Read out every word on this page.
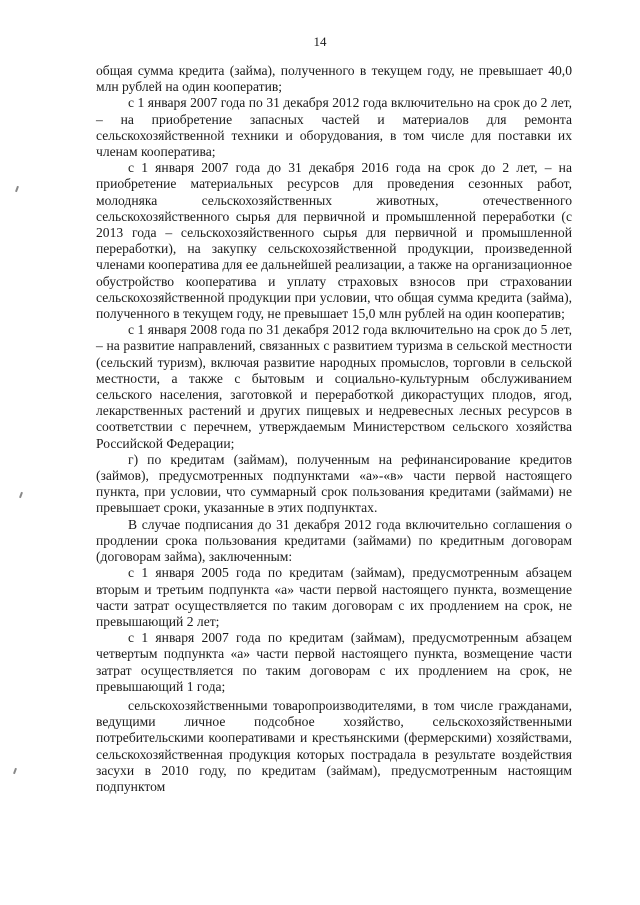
14

общая сумма кредита (займа), полученного в текущем году, не превышает 40,0 млн рублей на один кооператив;

с 1 января 2007 года по 31 декабря 2012 года включительно на срок до 2 лет, – на приобретение запасных частей и материалов для ремонта сельскохозяйственной техники и оборудования, в том числе для поставки их членам кооператива;

с 1 января 2007 года до 31 декабря 2016 года на срок до 2 лет, – на приобретение материальных ресурсов для проведения сезонных работ, молодняка сельскохозяйственных животных, отечественного сельскохозяйственного сырья для первичной и промышленной переработки (с 2013 года – сельскохозяйственного сырья для первичной и промышленной переработки), на закупку сельскохозяйственной продукции, произведенной членами кооператива для ее дальнейшей реализации, а также на организационное обустройство кооператива и уплату страховых взносов при страховании сельскохозяйственной продукции при условии, что общая сумма кредита (займа), полученного в текущем году, не превышает 15,0 млн рублей на один кооператив;

с 1 января 2008 года по 31 декабря 2012 года включительно на срок до 5 лет, – на развитие направлений, связанных с развитием туризма в сельской местности (сельский туризм), включая развитие народных промыслов, торговли в сельской местности, а также с бытовым и социально-культурным обслуживанием сельского населения, заготовкой и переработкой дикорастущих плодов, ягод, лекарственных растений и других пищевых и недревесных лесных ресурсов в соответствии с перечнем, утверждаемым Министерством сельского хозяйства Российской Федерации;

г) по кредитам (займам), полученным на рефинансирование кредитов (займов), предусмотренных подпунктами «а»-«в» части первой настоящего пункта, при условии, что суммарный срок пользования кредитами (займами) не превышает сроки, указанные в этих подпунктах.

В случае подписания до 31 декабря 2012 года включительно соглашения о продлении срока пользования кредитами (займами) по кредитным договорам (договорам займа), заключенным:

с 1 января 2005 года по кредитам (займам), предусмотренным абзацем вторым и третьим подпункта «а» части первой настоящего пункта, возмещение части затрат осуществляется по таким договорам с их продлением на срок, не превышающий 2 лет;

с 1 января 2007 года по кредитам (займам), предусмотренным абзацем четвертым подпункта «а» части первой настоящего пункта, возмещение части затрат осуществляется по таким договорам с их продлением на срок, не превышающий 1 года;

сельскохозяйственными товаропроизводителями, в том числе гражданами, ведущими личное подсобное хозяйство, сельскохозяйственными потребительскими кооперативами и крестьянскими (фермерскими) хозяйствами, сельскохозяйственная продукция которых пострадала в результате воздействия засухи в 2010 году, по кредитам (займам), предусмотренным настоящим подпунктом
